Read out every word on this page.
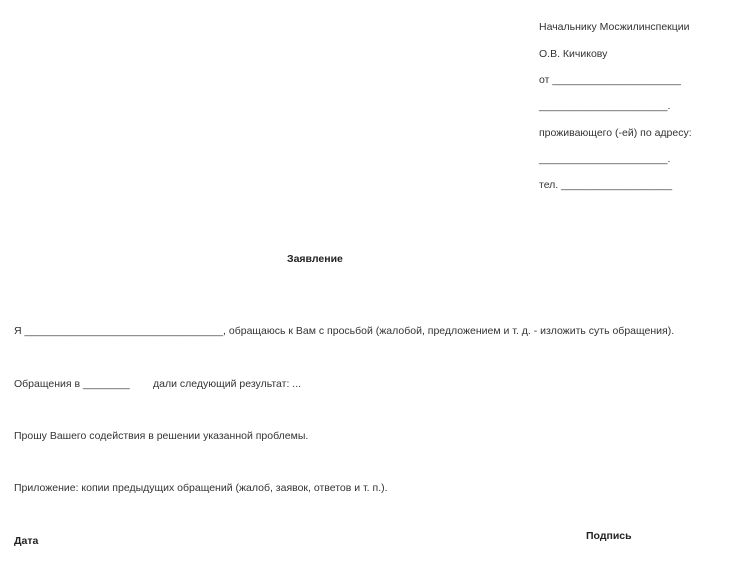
Начальнику Мосжилинспекции
О.В. Кичикову
от ______________________
______________________.
проживающего (-ей) по адресу:
______________________.
тел. ___________________
Заявление
Я __________________________________, обращаюсь к Вам с просьбой (жалобой, предложением и т. д. - изложить суть обращения).
Обращения в ________ дали следующий результат: ...
Прошу Вашего содействия в решении указанной проблемы.
Приложение: копии предыдущих обращений (жалоб, заявок, ответов и т. п.).
Дата	Подпись
